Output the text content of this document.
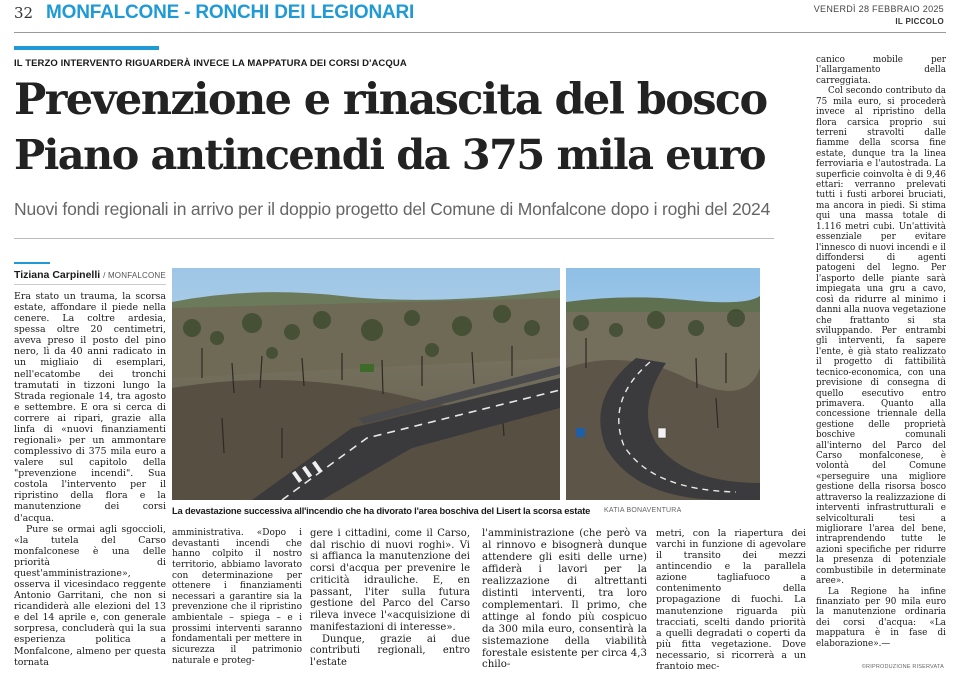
32 MONFALCONE - RONCHI DEI LEGIONARI	VENERDÌ 28 FEBBRAIO 2025
IL PICCOLO
IL TERZO INTERVENTO RIGUARDERÀ INVECE LA MAPPATURA DEI CORSI D'ACQUA
Prevenzione e rinascita del bosco
Piano antincendi da 375 mila euro
Nuovi fondi regionali in arrivo per il doppio progetto del Comune di Monfalcone dopo i roghi del 2024
Tiziana Carpinelli / MONFALCONE

Era stato un trauma, la scorsa estate, affondare il piede nella cenere. La coltre ardesia, spessa oltre 20 centimetri, aveva preso il posto del pino nero, lì da 40 anni radicato in un migliaio di esemplari, nell'ecatombe dei tronchi tramutati in tizzoni lungo la Strada regionale 14, tra agosto e settembre. E ora si cerca di correre ai ripari, grazie alla linfa di «nuovi finanziamenti regionali» per un ammontare complessivo di 375 mila euro a valere sul capitolo della "prevenzione incendi". Sua costola l'intervento per il ripristino della flora e la manutenzione dei corsi d'acqua.

Pure se ormai agli sgoccioli, «la tutela del Carso monfalconese è una delle priorità di quest'amministrazione», osserva il vicesindaco reggente Antonio Garritani, che non si ricandiderà alle elezioni del 13 e del 14 aprile e, con generale sorpresa, concluderà qui la sua esperienza politica a Monfalcone, almeno per questa tornata

La devastazione successiva all'incendio che ha divorato l'area boschiva del Lisert la scorsa estate KATIA BONAVENTURA

amministrativa. «Dopo i devastanti incendi che hanno colpito il nostro territorio, abbiamo lavorato con determinazione per ottenere i finanziamenti necessari a garantire sia la prevenzione che il ripristino ambientale – spiega – e i prossimi interventi saranno fondamentali per mettere in sicurezza il patrimonio naturale e proteg-

gere i cittadini, come il Carso, dal rischio di nuovi roghi». Vi si affianca la manutenzione dei corsi d'acqua per prevenire le criticità idrauliche. E, en passant, l'iter sulla futura gestione del Parco del Carso rileva invece l'«acquisizione di manifestazioni di interesse».

Dunque, grazie ai due contributi regionali, entro l'estate

l'amministrazione (che però va al rinnovo e bisognerà dunque attendere gli esiti delle urne) affiderà i lavori per la realizzazione di altrettanti distinti interventi, tra loro complementari. Il primo, che attinge al fondo più cospicuo da 300 mila euro, consentirà la sistemazione della viabilità forestale esistente per circa 4,3 chilo-

metri, con la riapertura dei varchi in funzione di agevolare il transito dei mezzi antincendio e la parallela azione tagliafuoco a contenimento della propagazione di fuochi. La manutenzione riguarda più tracciati, scelti dando priorità a quelli degradati o coperti da più fitta vegetazione. Dove necessario, si ricorrerà a un frantoio mec-

canico mobile per l'allargamento della carreggiata.

Col secondo contributo da 75 mila euro, si procederà invece al ripristino della flora carsica proprio sui terreni stravolti dalle fiamme della scorsa fine estate, dunque tra la linea ferroviaria e l'autostrada. La superficie coinvolta è di 9,46 ettari: verranno prelevati tutti i fusti arborei bruciati, ma ancora in piedi. Si stima qui una massa totale di 1.116 metri cubi. Un'attività essenziale per evitare l'innesco di nuovi incendi e il diffondersi di agenti patogeni del legno. Per l'asporto delle piante sarà impiegata una gru a cavo, così da ridurre al minimo i danni alla nuova vegetazione che frattanto si sta sviluppando. Per entrambi gli interventi, fa sapere l'ente, è già stato realizzato il progetto di fattibilità tecnico-economica, con una previsione di consegna di quello esecutivo entro primavera. Quanto alla concessione triennale della gestione delle proprietà boschive comunali all'interno del Parco del Carso monfalconese, è volontà del Comune «perseguire una migliore gestione della risorsa bosco attraverso la realizzazione di interventi infrastrutturali e selvicolturali tesi a migliorare l'area del bene, intraprendendo tutte le azioni specifiche per ridurre la presenza di potenziale combustibile in determinate aree».

La Regione ha infine finanziato per 90 mila euro la manutenzione ordinaria dei corsi d'acqua: «La mappatura è in fase di elaborazione».—

©RIPRODUZIONE RISERVATA
